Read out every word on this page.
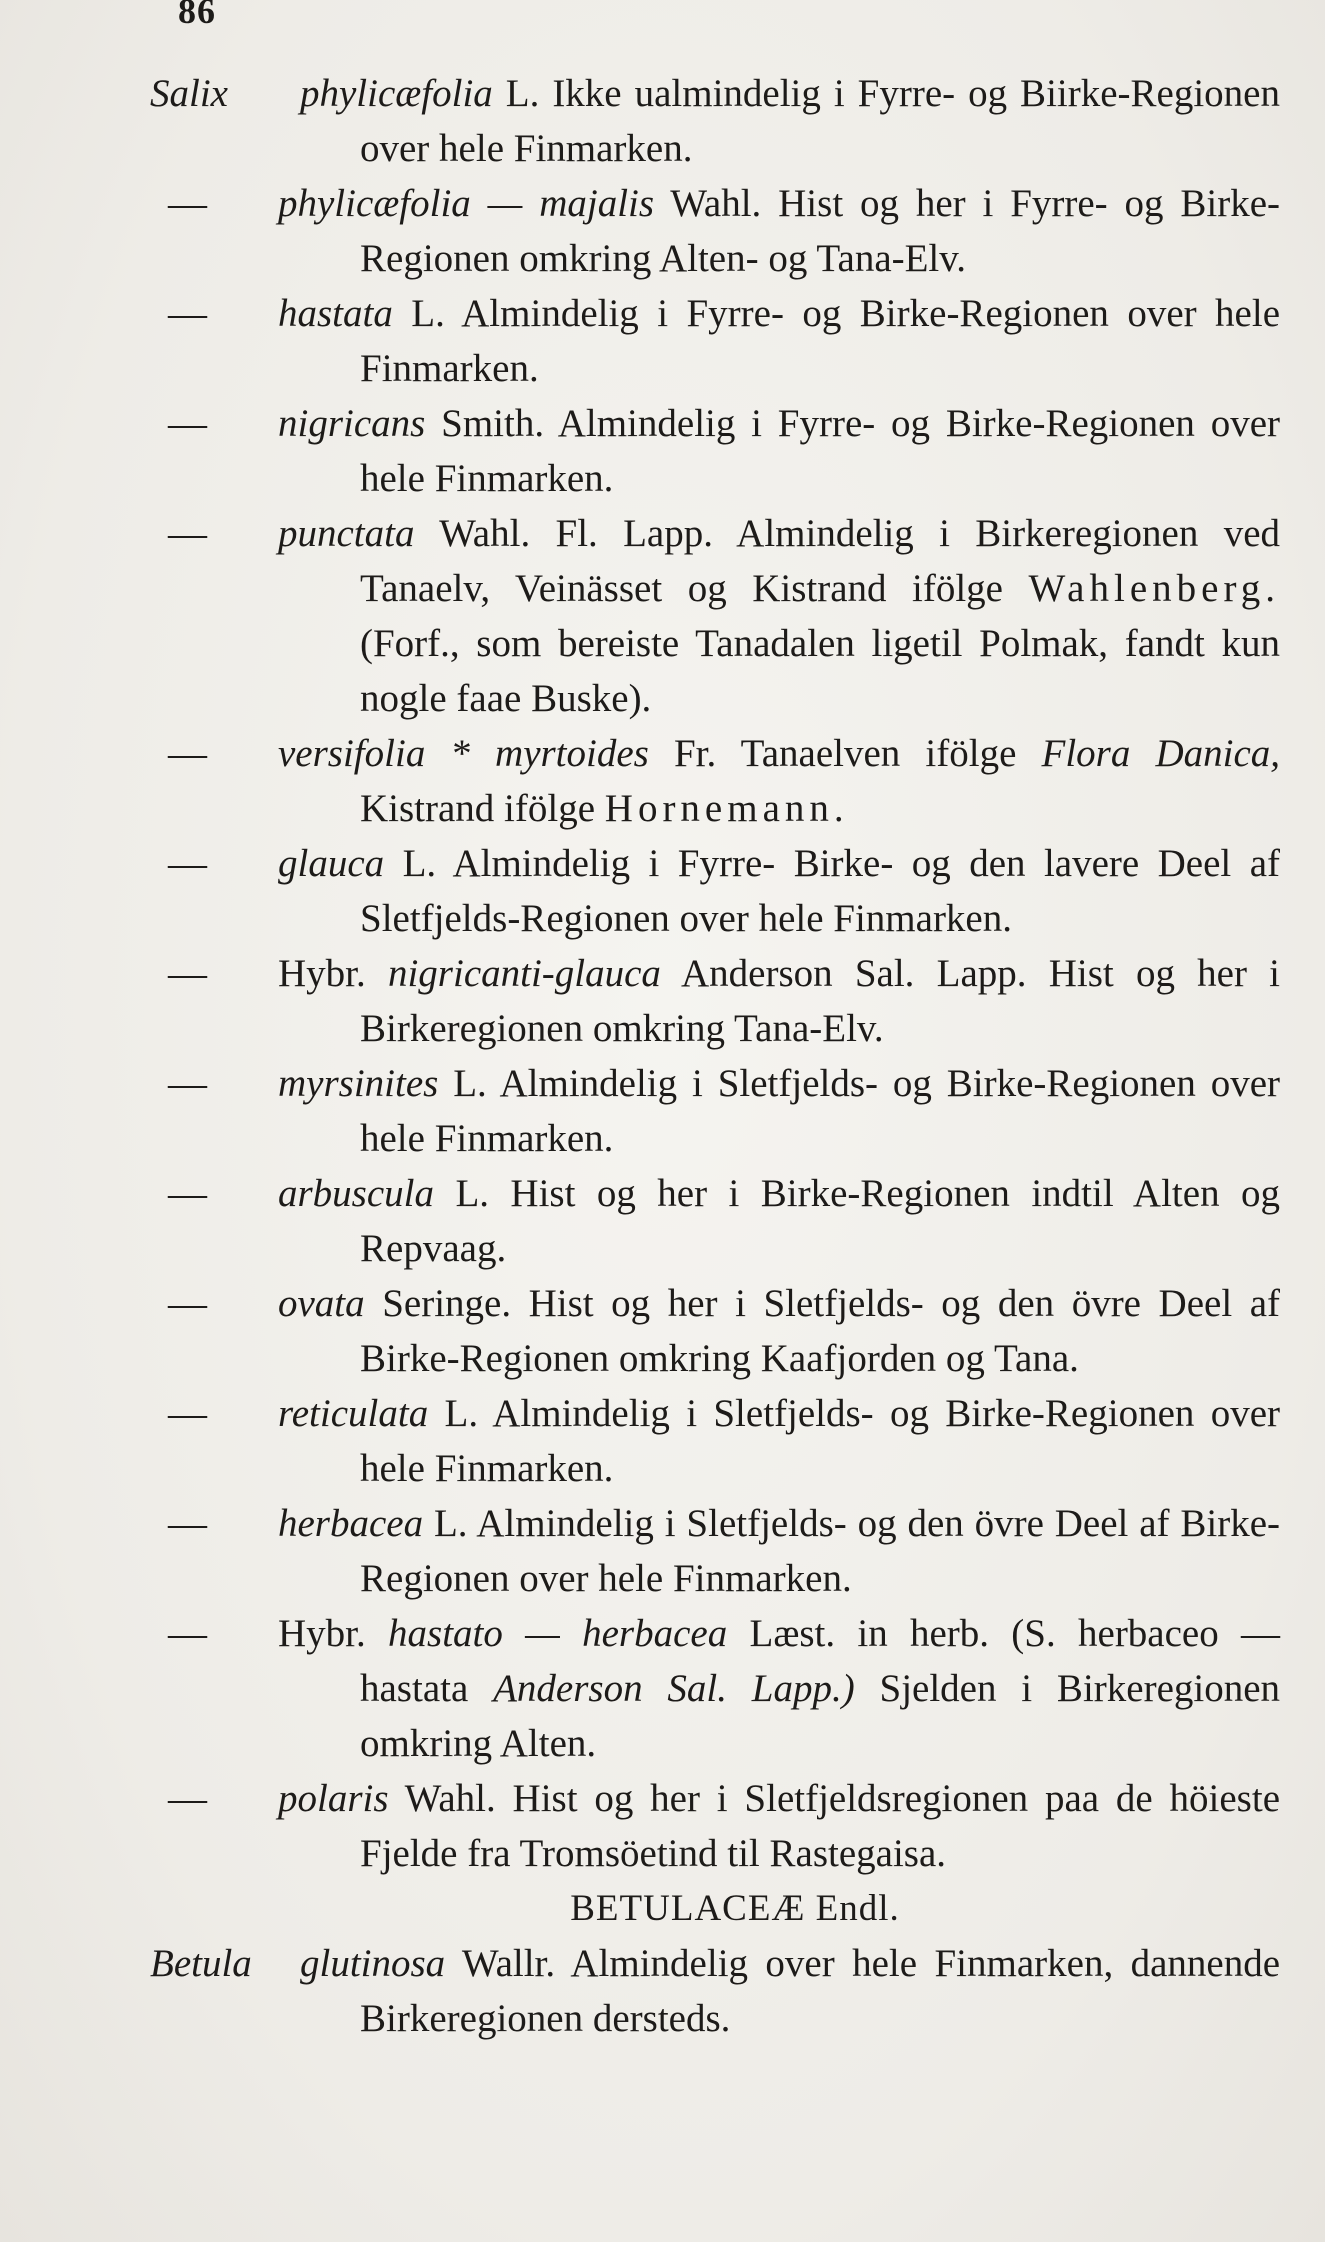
86

Salix phylicæfolia L. Ikke ualmindelig i Fyrre- og Biirke-Regionen over hele Finmarken.

— phylicæfolia — majalis Wahl. Hist og her i Fyrre- og Birke-Regionen omkring Alten- og Tana-Elv.

— hastata L. Almindelig i Fyrre- og Birke-Regionen over hele Finmarken.

— nigricans Smith. Almindelig i Fyrre- og Birke-Regionen over hele Finmarken.

— punctata Wahl. Fl. Lapp. Almindelig i Birkeregionen ved Tanaelv, Veinässet og Kistrand ifölge Wahlenberg. (Forf., som bereiste Tanadalen ligetil Polmak, fandt kun nogle faae Buske).

— versifolia * myrtoides Fr. Tanaelven ifölge Flora Danica, Kistrand ifölge Hornemann.

— glauca L. Almindelig i Fyrre- Birke- og den lavere Deel af Sletfjelds-Regionen over hele Finmarken.

— Hybr. nigricanti-glauca Anderson Sal. Lapp. Hist og her i Birkeregionen omkring Tana-Elv.

— myrsinites L. Almindelig i Sletfjelds- og Birke-Regionen over hele Finmarken.

— arbuscula L. Hist og her i Birke-Regionen indtil Alten og Repvaag.

— ovata Seringe. Hist og her i Sletfjelds- og den övre Deel af Birke-Regionen omkring Kaafjorden og Tana.

— reticulata L. Almindelig i Sletfjelds- og Birke-Regionen over hele Finmarken.

— herbacea L. Almindelig i Sletfjelds- og den övre Deel af Birke-Regionen over hele Finmarken.

— Hybr. hastato — herbacea Læst. in herb. (S. herbaceo — hastata Anderson Sal. Lapp.) Sjelden i Birkeregionen omkring Alten.

— polaris Wahl. Hist og her i Sletfjeldsregionen paa de höieste Fjelde fra Tromsöetind til Rastegaisa.

BETULACEÆ Endl.

Betula glutinosa Wallr. Almindelig over hele Finmarken, dannende Birkeregionen dersteds.
